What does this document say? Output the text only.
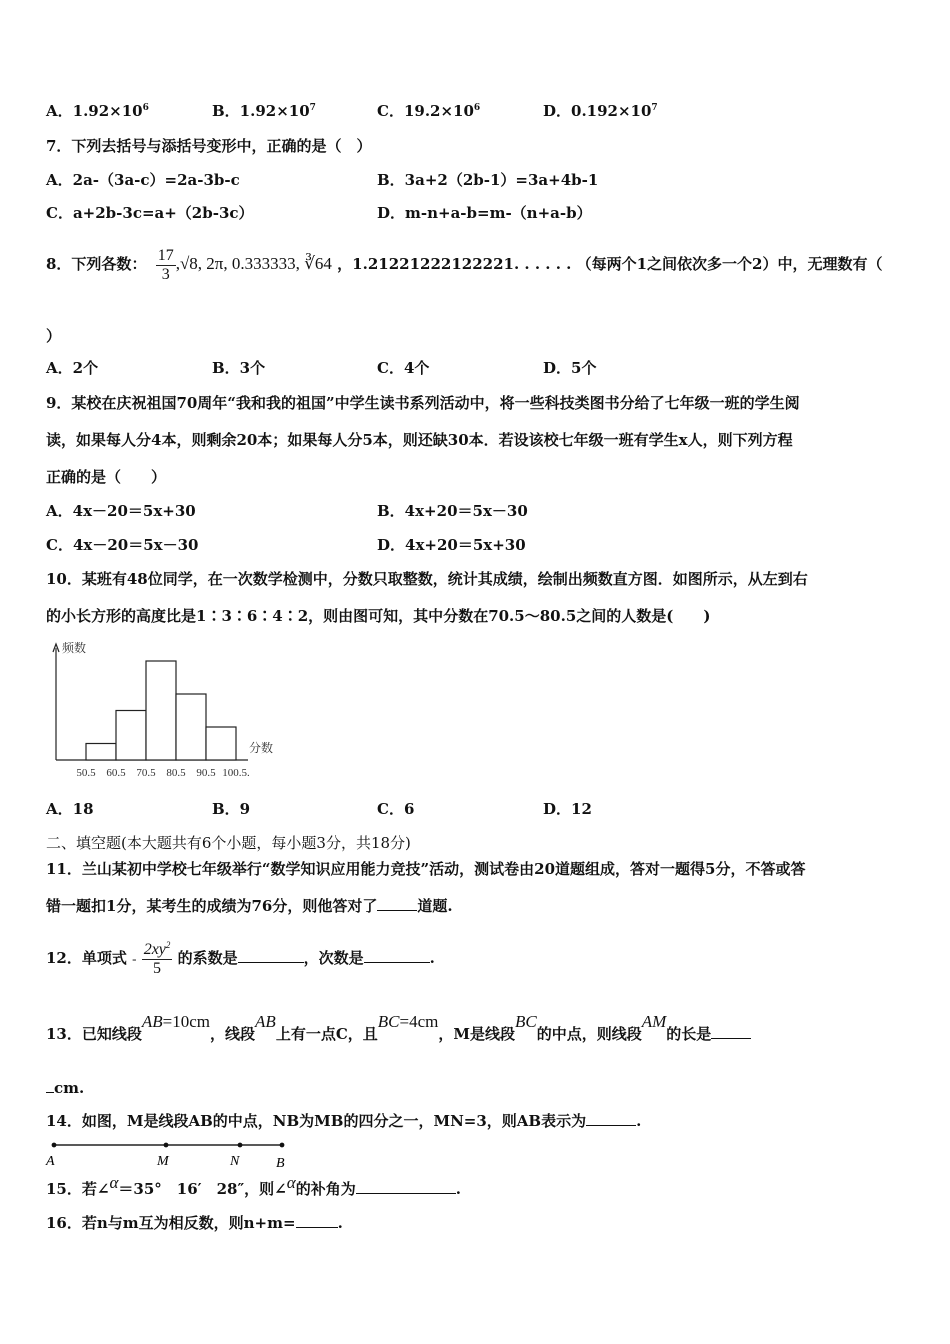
A．$1.92\times 10^6$	B．$1.92\times 10^7$	C．$19.2\times 10^6$	D．$0.192\times 10^7$
7．下列去括号与添括号变形中，正确的是（　）
A．2a-（3a-c）=2a-3b-c	B．3a+2（2b-1）=3a+4b-1
C．a+2b-3c=a+（2b-3c）	D．m-n+a-b=m-（n+a-b）
8．下列各数： $\frac{17}{3} ,√8$, 2π, 0.333333, ∛64 ，1.21221222122221. . . . . . （每两个1之间依次多一个2）中，无理数有（
）
A．2个	B．3个	C．4个	D．5个
9．某校在庆祝祖国70周年“我和我的祖国”中学生读书系列活动中，将一些科技类图书分给了七年级一班的学生阅
读，如果每人分4本，则剩余20本；如果每人分5本，则还缺30本．若设该校七年级一班有学生x人，则下列方程
正确的是（　　）
A．4x－20＝5x+30	B．4x+20＝5x－30
C．4x－20＝5x－30	D．4x+20＝5x+30
10．某班有48位同学，在一次数学检测中，分数只取整数，统计其成绩，绘制出频数直方图．如图所示，从左到右
的小长方形的高度比是1∶3∶6∶4∶2，则由图可知，其中分数在70.5～80.5之间的人数是(　　)
50.5 60.5 70.5 80.5 90.5 100.5.
频数
分数
A．18	B．9	C．6	D．12
二、填空题(本大题共有6个小题，每小题3分，共18分)
11．兰山某初中学校七年级举行“数学知识应用能力竞技”活动，测试卷由20道题组成，答对一题得5分，不答或答
错一题扣1分，某考生的成绩为76分，则他答对了	道题.
12．单项式 - $\frac{2xy^2}{5}$ 的系数是	，次数是	.
13．已知线段AB=10cm，线段AB上有一点C，且BC=4cm，M是线段BC的中点，则线段AM的长是
cm.
14．如图，M是线段AB的中点，NB为MB的四分之一，MN=3，则AB表示为	.
A	M	N	B
15．若∠α＝35°　16′　28″，则∠α的补角为	.
16．若n与m互为相反数，则n+m=	.
